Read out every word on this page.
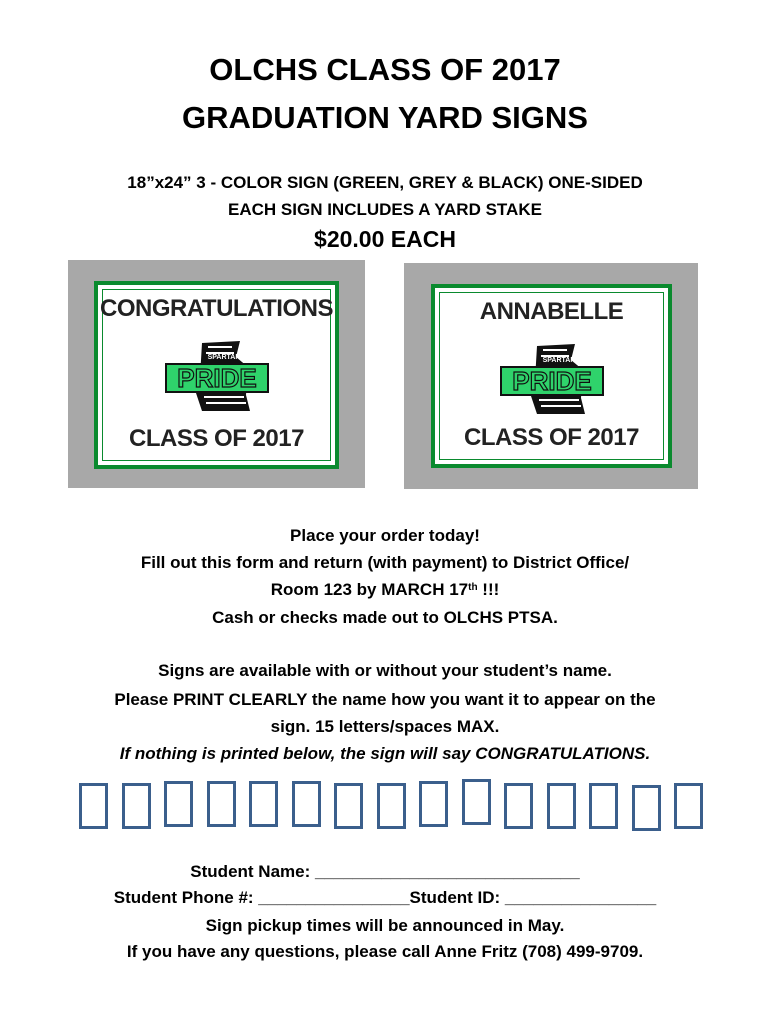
OLCHS CLASS OF 2017
GRADUATION YARD SIGNS
18”x24” 3 - COLOR SIGN (GREEN, GREY & BLACK) ONE-SIDED
EACH SIGN INCLUDES A YARD STAKE
$20.00 EACH
CONGRATULATIONS
SPARTAN
PRIDE
CLASS OF 2017
ANNABELLE
SPARTAN
PRIDE
CLASS OF 2017
Place your order today!
Fill out this form and return (with payment) to District Office/
Room 123 by MARCH 17th !!!
Cash or checks made out to OLCHS PTSA.
Signs are available with or without your student’s name.
Please PRINT CLEARLY the name how you want it to appear on the
sign. 15 letters/spaces MAX.
If nothing is printed below, the sign will say CONGRATULATIONS.
Student Name: ____________________________
Student Phone #: ________________Student ID: ________________
Sign pickup times will be announced in May.
If you have any questions, please call Anne Fritz (708) 499-9709.
